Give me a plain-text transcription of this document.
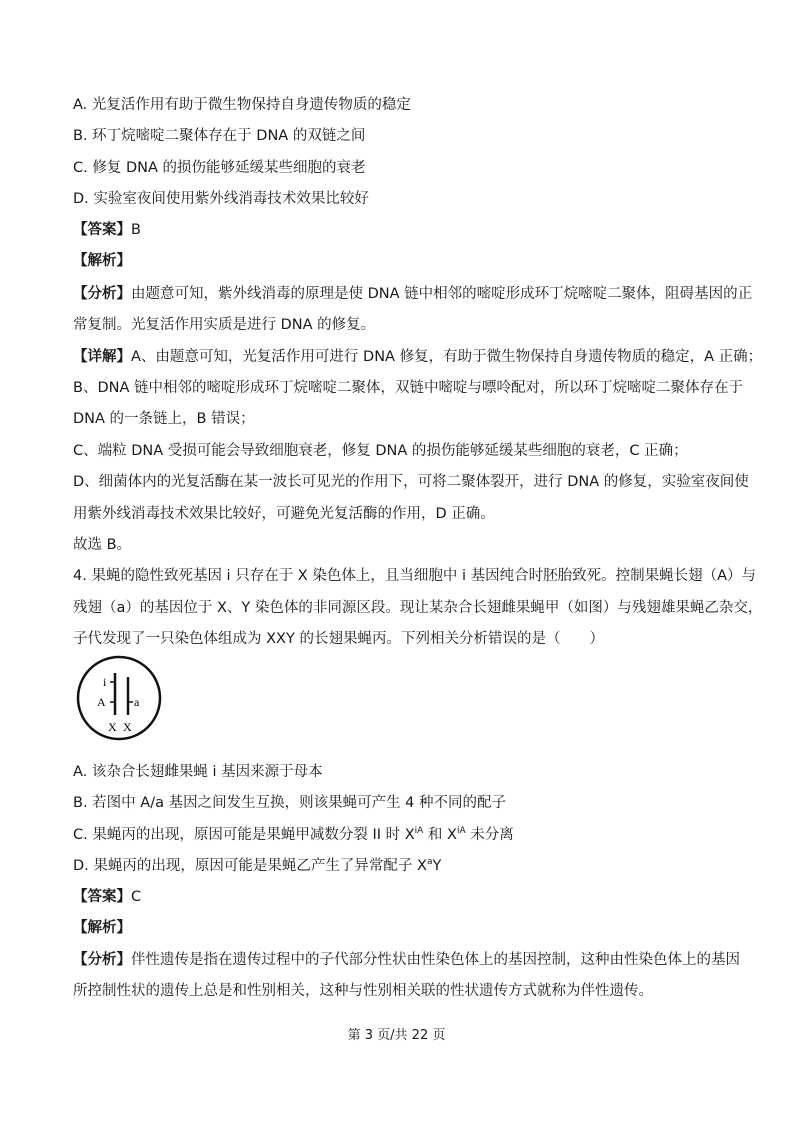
A. 光复活作用有助于微生物保持自身遗传物质的稳定
B. 环丁烷嘧啶二聚体存在于 DNA 的双链之间
C. 修复 DNA 的损伤能够延缓某些细胞的衰老
D. 实验室夜间使用紫外线消毒技术效果比较好
【答案】B
【解析】
【分析】由题意可知，紫外线消毒的原理是使 DNA 链中相邻的嘧啶形成环丁烷嘧啶二聚体，阻碍基因的正
常复制。光复活作用实质是进行 DNA 的修复。
【详解】A、由题意可知，光复活作用可进行 DNA 修复，有助于微生物保持自身遗传物质的稳定，A 正确；
B、DNA 链中相邻的嘧啶形成环丁烷嘧啶二聚体，双链中嘧啶与嘌呤配对，所以环丁烷嘧啶二聚体存在于
DNA 的一条链上，B 错误；
C、端粒 DNA 受损可能会导致细胞衰老，修复 DNA 的损伤能够延缓某些细胞的衰老，C 正确；
D、细菌体内的光复活酶在某一波长可见光的作用下，可将二聚体裂开，进行 DNA 的修复，实验室夜间使
用紫外线消毒技术效果比较好，可避免光复活酶的作用，D 正确。
故选 B。
4. 果蝇的隐性致死基因 i 只存在于 X 染色体上，且当细胞中 i 基因纯合时胚胎致死。控制果蝇长翅（A）与
残翅（a）的基因位于 X、Y 染色体的非同源区段。现让某杂合长翅雌果蝇甲（如图）与残翅雄果蝇乙杂交，
子代发现了一只染色体组成为 XXY 的长翅果蝇丙。下列相关分析错误的是（　　）
i
A a
X X
A. 该杂合长翅雌果蝇 i 基因来源于母本
B. 若图中 A/a 基因之间发生互换，则该果蝇可产生 4 种不同的配子
C. 果蝇丙的出现，原因可能是果蝇甲减数分裂 II 时 $X^{iA}$ 和 $X^{iA}$ 未分离
D. 果蝇丙的出现，原因可能是果蝇乙产生了异常配子 $X^aY$
【答案】C
【解析】
【分析】伴性遗传是指在遗传过程中的子代部分性状由性染色体上的基因控制，这种由性染色体上的基因
所控制性状的遗传上总是和性别相关，这种与性别相关联的性状遗传方式就称为伴性遗传。
第 3 页/共 22 页
